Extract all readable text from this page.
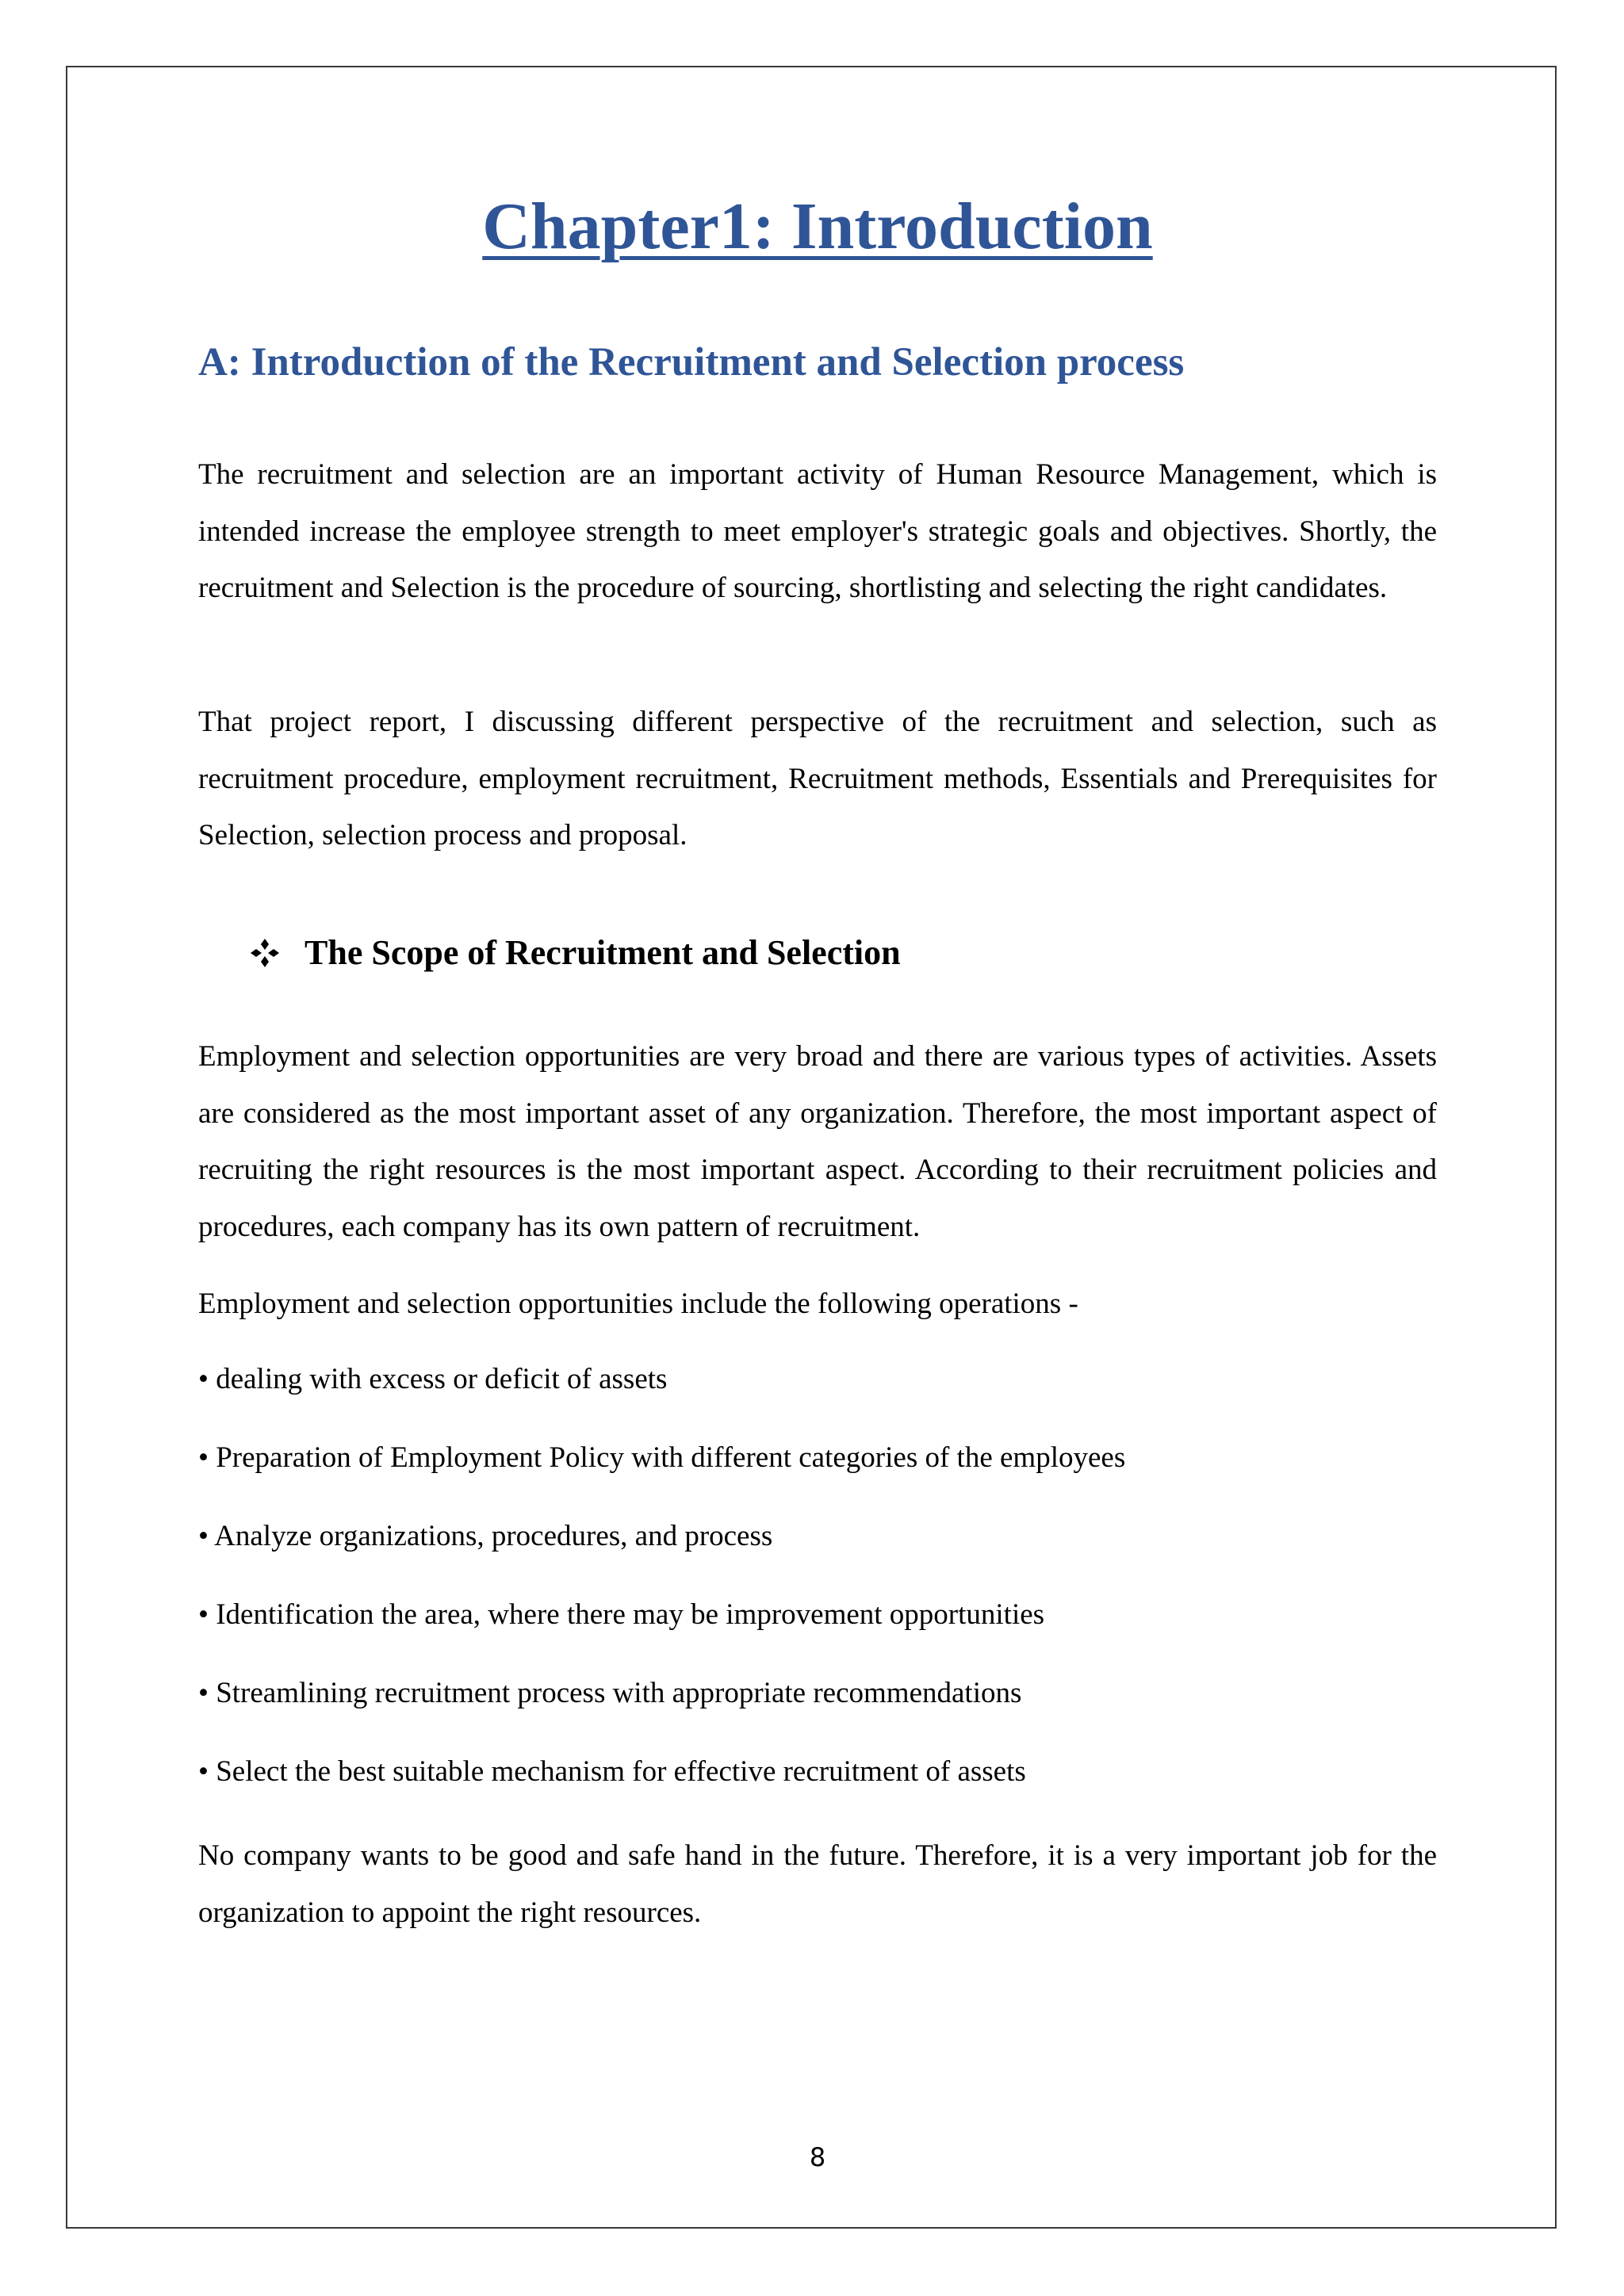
Chapter1: Introduction
A: Introduction of the Recruitment and Selection process

The recruitment and selection are an important activity of Human Resource Management, which is intended increase the employee strength to meet employer's strategic goals and objectives. Shortly, the recruitment and Selection is the procedure of sourcing, shortlisting and selecting the right candidates.

That project report, I discussing different perspective of the recruitment and selection, such as recruitment procedure, employment recruitment, Recruitment methods, Essentials and Prerequisites for Selection, selection process and proposal.

The Scope of Recruitment and Selection

Employment and selection opportunities are very broad and there are various types of activities. Assets are considered as the most important asset of any organization. Therefore, the most important aspect of recruiting the right resources is the most important aspect. According to their recruitment policies and procedures, each company has its own pattern of recruitment.

Employment and selection opportunities include the following operations -

• dealing with excess or deficit of assets

• Preparation of Employment Policy with different categories of the employees

• Analyze organizations, procedures, and process

• Identification the area, where there may be improvement opportunities

• Streamlining recruitment process with appropriate recommendations

• Select the best suitable mechanism for effective recruitment of assets

No company wants to be good and safe hand in the future. Therefore, it is a very important job for the organization to appoint the right resources.

8
